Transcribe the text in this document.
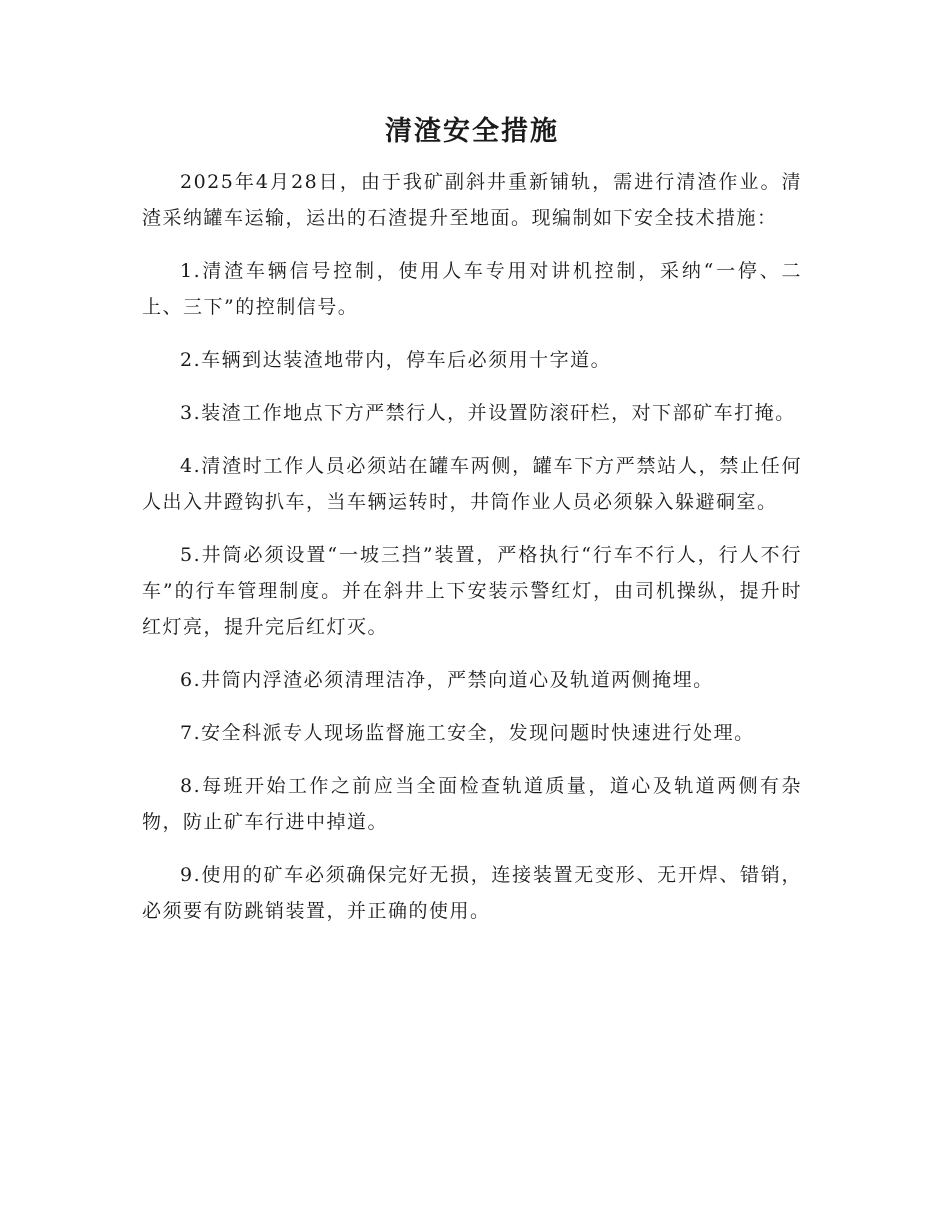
清渣安全措施

2025年4月28日，由于我矿副斜井重新铺轨，需进行清渣作业。清渣采纳罐车运输，运出的石渣提升至地面。现编制如下安全技术措施：

1.清渣车辆信号控制，使用人车专用对讲机控制，采纳“一停、二上、三下”的控制信号。

2.车辆到达装渣地带内，停车后必须用十字道。

3.装渣工作地点下方严禁行人，并设置防滚矸栏，对下部矿车打掩。

4.清渣时工作人员必须站在罐车两侧，罐车下方严禁站人，禁止任何人出入井蹬钩扒车，当车辆运转时，井筒作业人员必须躲入躲避硐室。

5.井筒必须设置“一坡三挡”装置，严格执行“行车不行人，行人不行车”的行车管理制度。并在斜井上下安装示警红灯，由司机操纵，提升时红灯亮，提升完后红灯灭。

6.井筒内浮渣必须清理洁净，严禁向道心及轨道两侧掩埋。

7.安全科派专人现场监督施工安全，发现问题时快速进行处理。

8.每班开始工作之前应当全面检查轨道质量，道心及轨道两侧有杂物，防止矿车行进中掉道。

9.使用的矿车必须确保完好无损，连接装置无变形、无开焊、错销，必须要有防跳销装置，并正确的使用。
